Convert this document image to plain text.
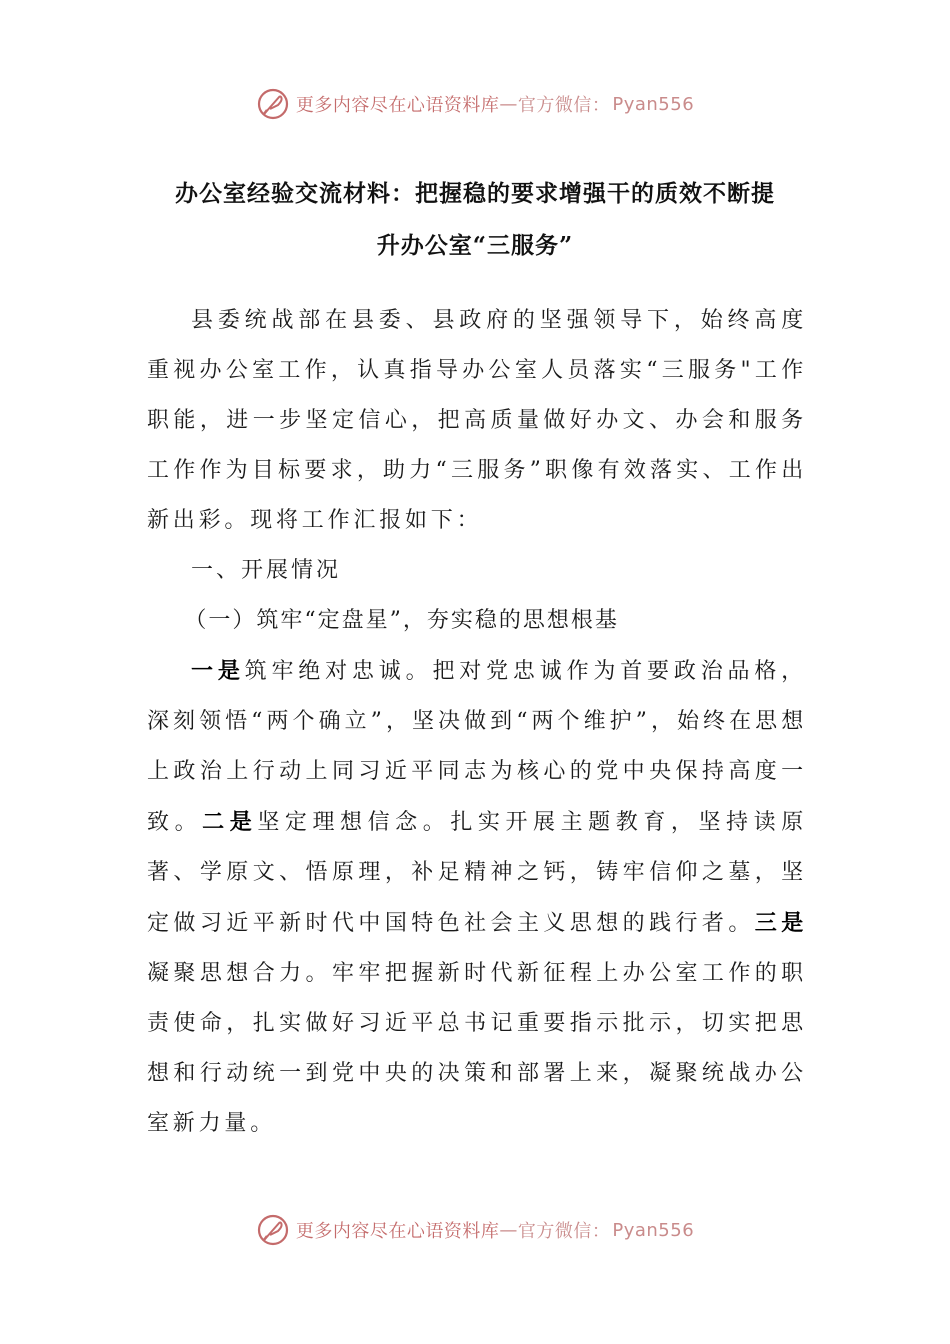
更多内容尽在心语资料库 — 官方微信： Pyan556
办公室经验交流材料：把握稳的要求增强干的质效不断提
升办公室“三服务”

县委统战部在县委、县政府的坚强领导下，始终高度重视办公室工作，认真指导办公室人员落实“三服务"工作职能，进一步坚定信心，把高质量做好办文、办会和服务工作作为目标要求，助力“三服务”职像有效落实、工作出新出彩。现将工作汇报如下：

一、开展情况

（一）筑牢“定盘星”，夯实稳的思想根基

一是筑牢绝对忠诚。把对党忠诚作为首要政治品格，深刻领悟“两个确立”，坚决做到“两个维护”，始终在思想上政治上行动上同习近平同志为核心的党中央保持高度一致。二是坚定理想信念。扎实开展主题教育，坚持读原著、学原文、悟原理，补足精神之钙，铸牢信仰之墓，坚定做习近平新时代中国特色社会主义思想的践行者。三是凝聚思想合力。牢牢把握新时代新征程上办公室工作的职责使命，扎实做好习近平总书记重要指示批示，切实把思想和行动统一到党中央的决策和部署上来，凝聚统战办公室新力量。

更多内容尽在心语资料库 — 官方微信： Pyan556
